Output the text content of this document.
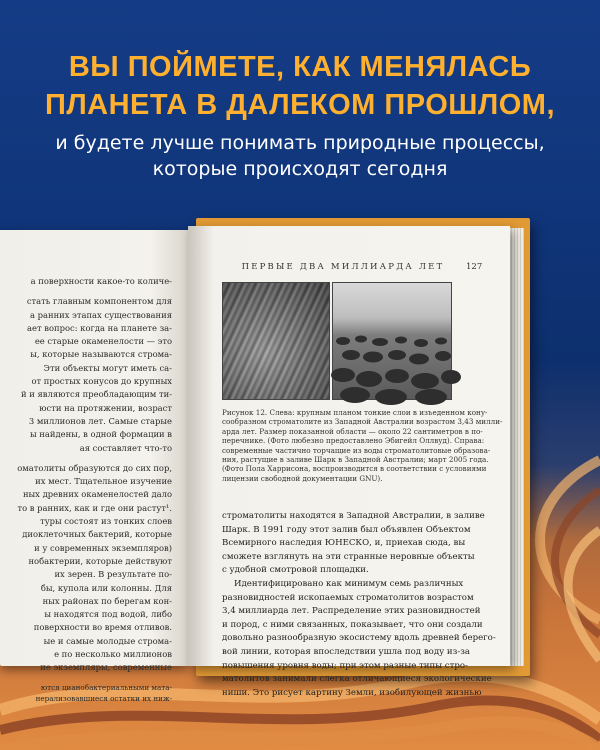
ВЫ ПОЙМЕТЕ, КАК МЕНЯЛАСЬ
ПЛАНЕТА В ДАЛЕКОМ ПРОШЛОМ,
и будете лучше понимать природные процессы,
которые происходят сегодня
а поверхности какое-то количе-
стать главным компонентом для
а ранних этапах существования
ает вопрос: когда на планете за-
ее старые окаменелости — это
ы, которые называются строма-
Эти объекты могут иметь са-
от простых конусов до крупных
й и являются преобладающим ти-
юсти на протяжении, возраст
3 миллионов лет. Самые старые
ы найдены, в одной формации в
ая составляет что-то
оматолиты образуются до сих пор,
их мест. Тщательное изучение
ных древних окаменелостей дало
то в ранних, как и где они растут¹.
туры состоят из тонких слоев
диоклеточных бактерий, которые
и у современных экземпляров)
нобактерии, которые действуют
их зерен. В результате по-
бы, купола или колонны. Для
ных районах по берегам кон-
ы находятся под водой, либо
поверхности во время отливов.
ые и самые молодые строма-
е по несколько миллионов
ие экземпляры, современные
ются цианобактериальными мата-
нерализовавшиеся остатки их ниж-
ПЕРВЫЕ ДВА МИЛЛИАРДА ЛЕТ	127
Рисунок 12. Слева: крупным планом тонкие слои в изъеденном кону-
сообразном строматолите из Западной Австралии возрастом 3,43 милли-
арда лет. Размер показанной области — около 22 сантиметров в по-
перечнике. (Фото любезно предоставлено Эбигейл Оллвуд). Справа:
современные частично торчащие из воды строматолитовые образова-
ния, растущие в заливе Шарк в Западной Австралии; март 2005 года.
(Фото Пола Харрисона, воспроизводится в соответствии с условиями
лицензии свободной документации GNU).
строматолиты находятся в Западной Австралии, в заливе
Шарк. В 1991 году этот залив был объявлен Объектом
Всемирного наследия ЮНЕСКО, и, приехав сюда, вы
сможете взглянуть на эти странные неровные объекты
с удобной смотровой площадки.
Идентифицировано как минимум семь различных
разновидностей ископаемых строматолитов возрастом
3,4 миллиарда лет. Распределение этих разновидностей
и пород, с ними связанных, показывает, что они создали
довольно разнообразную экосистему вдоль древней берего-
вой линии, которая впоследствии ушла под воду из-за
повышения уровня воды; при этом разные типы стро-
матолитов занимали слегка отличающиеся экологические
ниши. Это рисует картину Земли, изобилующей жизнью
